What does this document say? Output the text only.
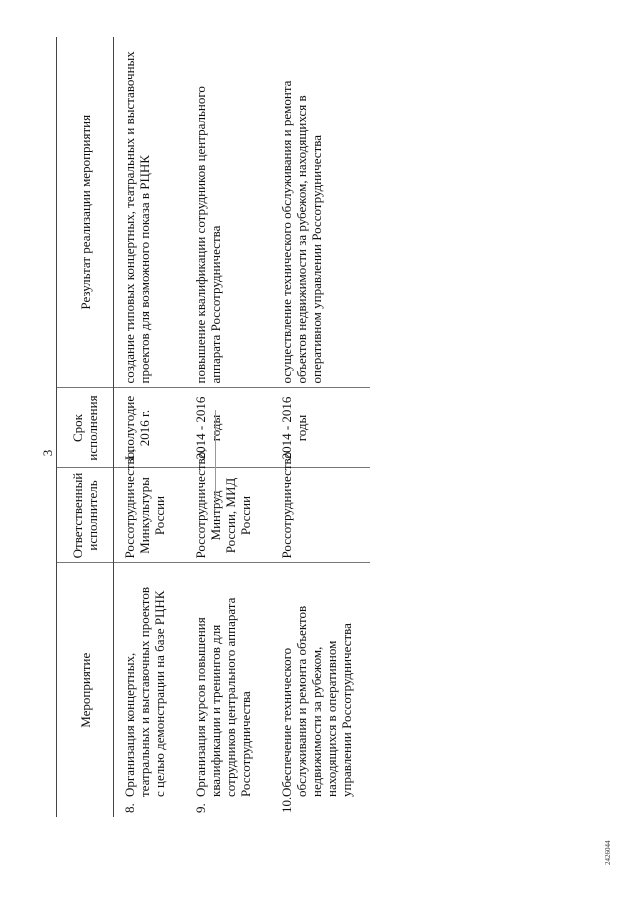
3
Мероприятие	Ответственный исполнитель	Срок исполнения	Результат реализации мероприятия
8.Организация концертных, театральных и выставочных проектов с целью демонстрации на базе РЦНК	Россотрудничество, Минкультуры России	I полугодие 2016 г.	создание типовых концертных, театральных и выставочных проектов для возможного показа в РЦНК
9.Организация курсов повышения квалификации и тренингов для сотрудников центрального аппарата Россотрудничества	Россотрудничество, Минтруд России, МИД России	2014 - 2016 годы	повышение квалификации сотрудников центрального аппарата Россотрудничества
10.Обеспечение технического обслуживания и ремонта объектов недвижимости за рубежом, находящихся в оперативном управлении Россотрудничества	Россотрудничество	2014 - 2016 годы	осуществление технического обслуживания и ремонта объектов недвижимости за рубежом, находящихся в оперативном управлении Россотрудничества
2426044
